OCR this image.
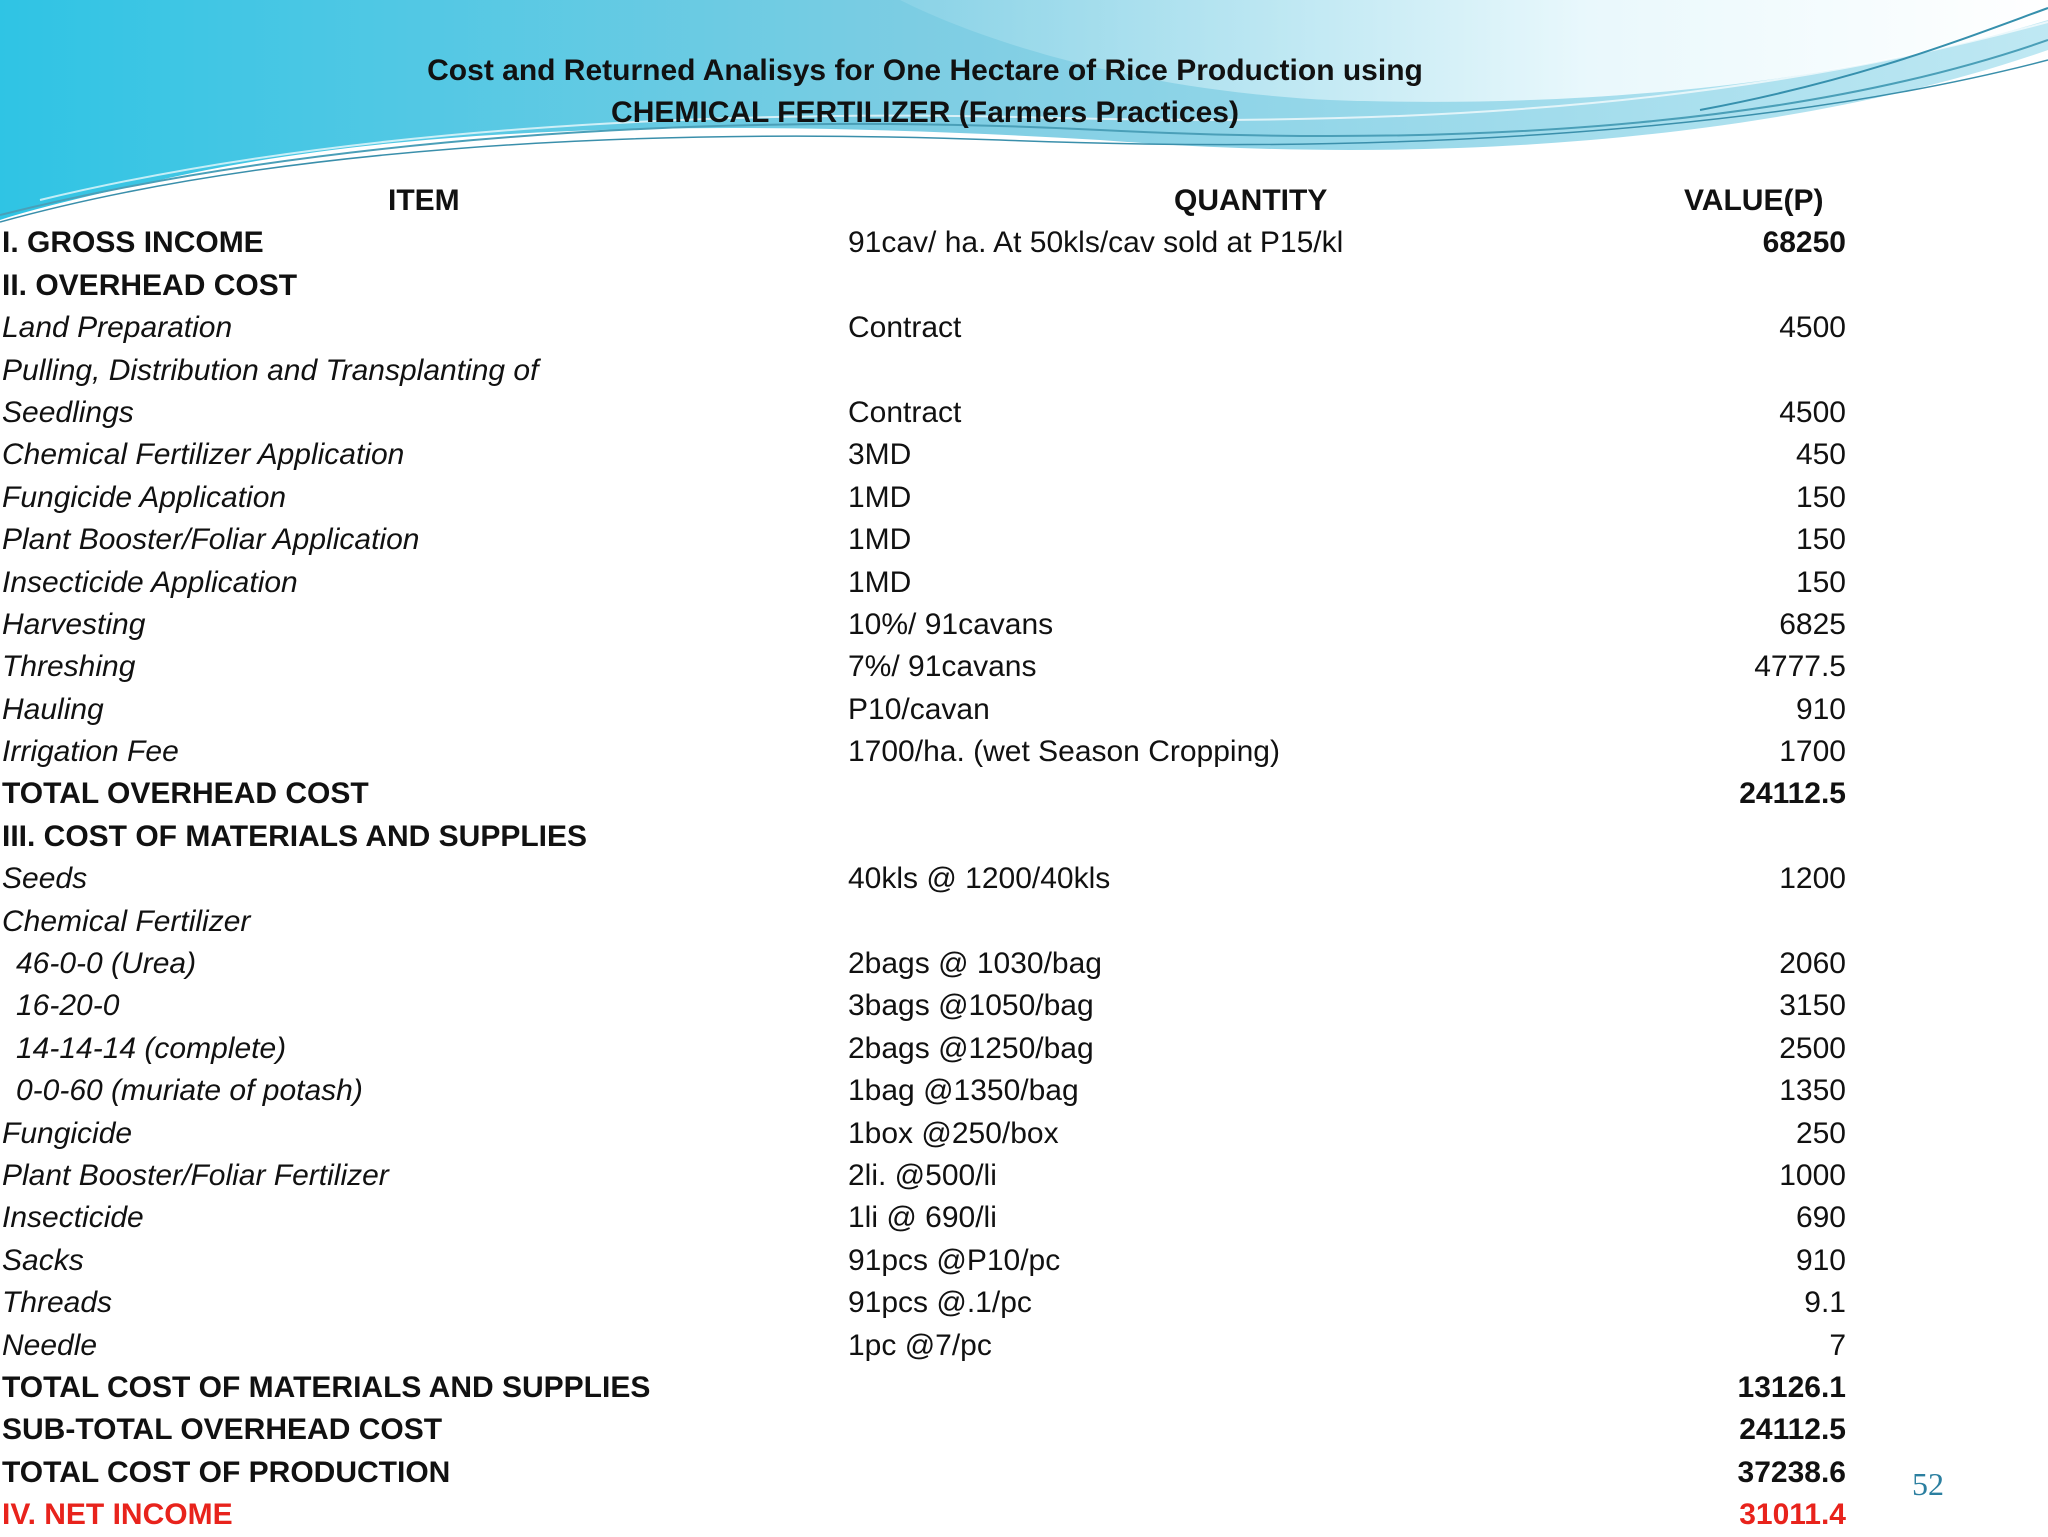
Cost and Returned Analisys for One Hectare of Rice Production using
CHEMICAL FERTILIZER (Farmers Practices)
ITEM	QUANTITY	VALUE(P)
I. GROSS INCOME	91cav/ ha. At 50kls/cav sold at P15/kl	68250
II. OVERHEAD COST
Land Preparation	Contract	4500
Pulling, Distribution and Transplanting of
Seedlings	Contract	4500
Chemical Fertilizer Application	3MD	450
Fungicide Application	1MD	150
Plant Booster/Foliar Application	1MD	150
Insecticide Application	1MD	150
Harvesting	10%/ 91cavans	6825
Threshing	7%/ 91cavans	4777.5
Hauling	P10/cavan	910
Irrigation Fee	1700/ha. (wet Season Cropping)	1700
TOTAL OVERHEAD COST	24112.5
III. COST OF MATERIALS AND SUPPLIES
Seeds	40kls @ 1200/40kls	1200
Chemical Fertilizer
46-0-0 (Urea)	2bags @ 1030/bag	2060
16-20-0	3bags @1050/bag	3150
14-14-14 (complete)	2bags @1250/bag	2500
0-0-60 (muriate of potash)	1bag @1350/bag	1350
Fungicide	1box @250/box	250
Plant Booster/Foliar Fertilizer	2li. @500/li	1000
Insecticide	1li @ 690/li	690
Sacks	91pcs @P10/pc	910
Threads	91pcs @.1/pc	9.1
Needle	1pc @7/pc	7
TOTAL COST OF MATERIALS AND SUPPLIES	13126.1
SUB-TOTAL OVERHEAD COST	24112.5
TOTAL COST OF PRODUCTION	37238.6
IV. NET INCOME	31011.4
52
